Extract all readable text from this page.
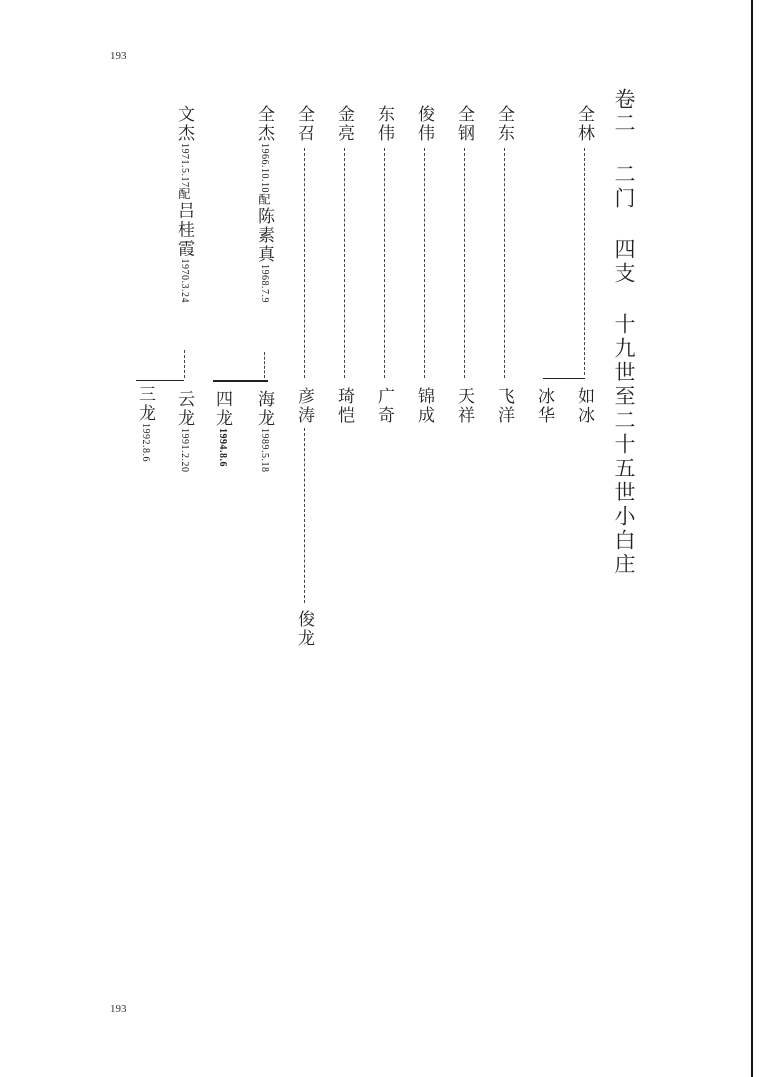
193
193
卷二 二门 四支 十九世至二十五世小白庄
全林
如冰
冰华
全东
飞洋
全钢
天祥
俊伟
锦成
东伟
广奇
金亮
琦恺
全召
彦涛
俊龙
全杰1966.10.10配陈素真1968.7.9
海龙1989.5.18
四龙1994.8.6
文杰1971.5.17配吕桂霞1970.3.24
云龙1991.2.20
三龙1992.8.6
